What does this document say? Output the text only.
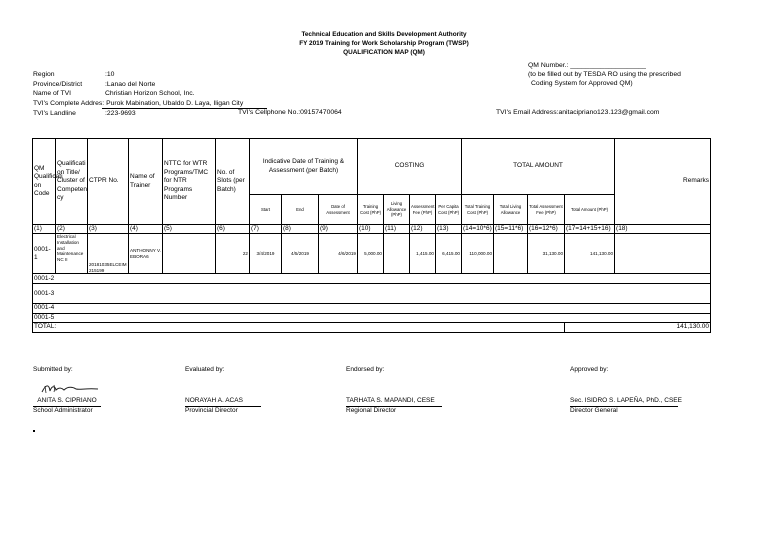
Technical Education and Skills Development Authority
FY 2019 Training for Work Scholarship Program (TWSP)
QUALIFICATION MAP (QM)
QM Number.: ____________________
(to be filled out by TESDA RO using the prescribed
Coding System for Approved QM)
Region	:10
Province/District	:Lanao del Norte
Name of TVI	Christian Horizon School, Inc.
TVI's Complete Addres: Purok Mabination, Ubaldo D. Laya, Iligan City
TVI's Landline	:223-9693	TVI's Cellphone No.:09157470064	TVI's Email Address:anitacipriano123.123@gmail.com
QM Qualificati on Code	Qualificati on Title/ Cluster of Competen cy	CTPR No.	Name of Trainer	NTTC for WTR Programs/TMC for NTR Programs Number	No. of Slots (per Batch)	Indicative Date of Training & Assessment (per Batch)			COSTING				TOTAL AMOUNT				Remarks
						Start	End	Date of Assessment	Training Cost (PhP)	Living Allowance (PhP)	Assessment Fee (PhP)	Per Capita Cost (PhP)	Total Training Cost (PhP)	Total Living Allowance	Total Assessment Fee (PhP)	Total Amount (PhP)	
(1)	(2)	(3)	(4)	(5)	(6)	(7)	(8)	(9)	(10)	(11)	(12)	(13)	(14=10*6)	(15=11*6)	(16=12*6)	(17=14+15+16)	(18)
0001-1	Electrical Installation and Maintenance NC II	20181035ELCEIM215199	ANTHONNY V. EBORA6		22	3/4/2019	4/5/2019	4/6/2019	5,000.00		1,415.00	6,415.00	110,000.00		31,130.00	141,130.00	
0001-2																	
0001-3																	
0001-4																	
0001-5																	
TOTAL:																141,130.00	
Submitted by:	Evaluated by:	Endorsed by:	Approved by:
ANITA S. CIPRIANO
School Administrator
NORAYAH A. ACAS
Provincial Director
TARHATA S. MAPANDI, CESE
Regional Director
Sec. ISIDRO S. LAPEÑA, PhD., CSEE
Director General
